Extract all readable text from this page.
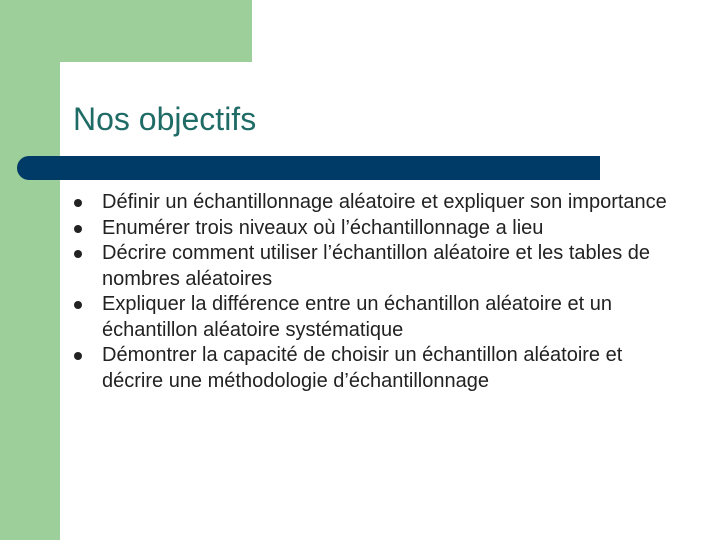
Nos objectifs
Définir un échantillonnage aléatoire et expliquer son importance
Enumérer trois niveaux où l’échantillonnage a lieu
Décrire comment utiliser l’échantillon aléatoire et les tables de nombres aléatoires
Expliquer la différence entre un échantillon aléatoire et un échantillon aléatoire systématique
Démontrer la capacité de choisir un échantillon aléatoire et décrire une méthodologie d’échantillonnage
